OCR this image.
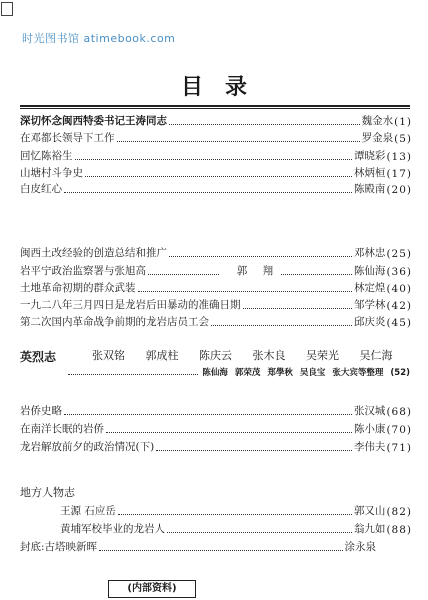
时光图书馆 atimebook.com
目录
深切怀念闽西特委书记王涛同志	魏金水 (1)
在邓都长领导下工作	罗金泉 (5)
回忆陈裕生	谭晓彩 (13)
山塘村斗争史	林炳桓 (17)
白皮红心	陈殿南 (20)
闽西土改经验的创造总结和推广	邓林忠 (25)
岩平宁政治监察署与张旭高	郭 翔	陈仙海 (36)
土地革命初期的群众武装	林定煌 (40)
一九二八年三月四日是龙岩后田暴动的准确日期	邹学林 (42)
第二次国内革命战争前期的龙岩店员工会	邱庆炎 (45)
英烈志	张双铭 郭成柱 陈庆云 张木良 吴荣光 吴仁海
陈仙海 郭荣茂 郑學秋 吴良宝 张大宾等整理 (52)
岩侨史略	张汉城 (68)
在南洋长眠的岩侨	陈小康 (70)
龙岩解放前夕的政治情况(下)	李伟夫 (71)
地方人物志
王源 石应岳	郭又山 (82)
黄埔军校毕业的龙岩人	翁九如 (88)
封底:古塔映新晖	涂永泉
(内部资料)
